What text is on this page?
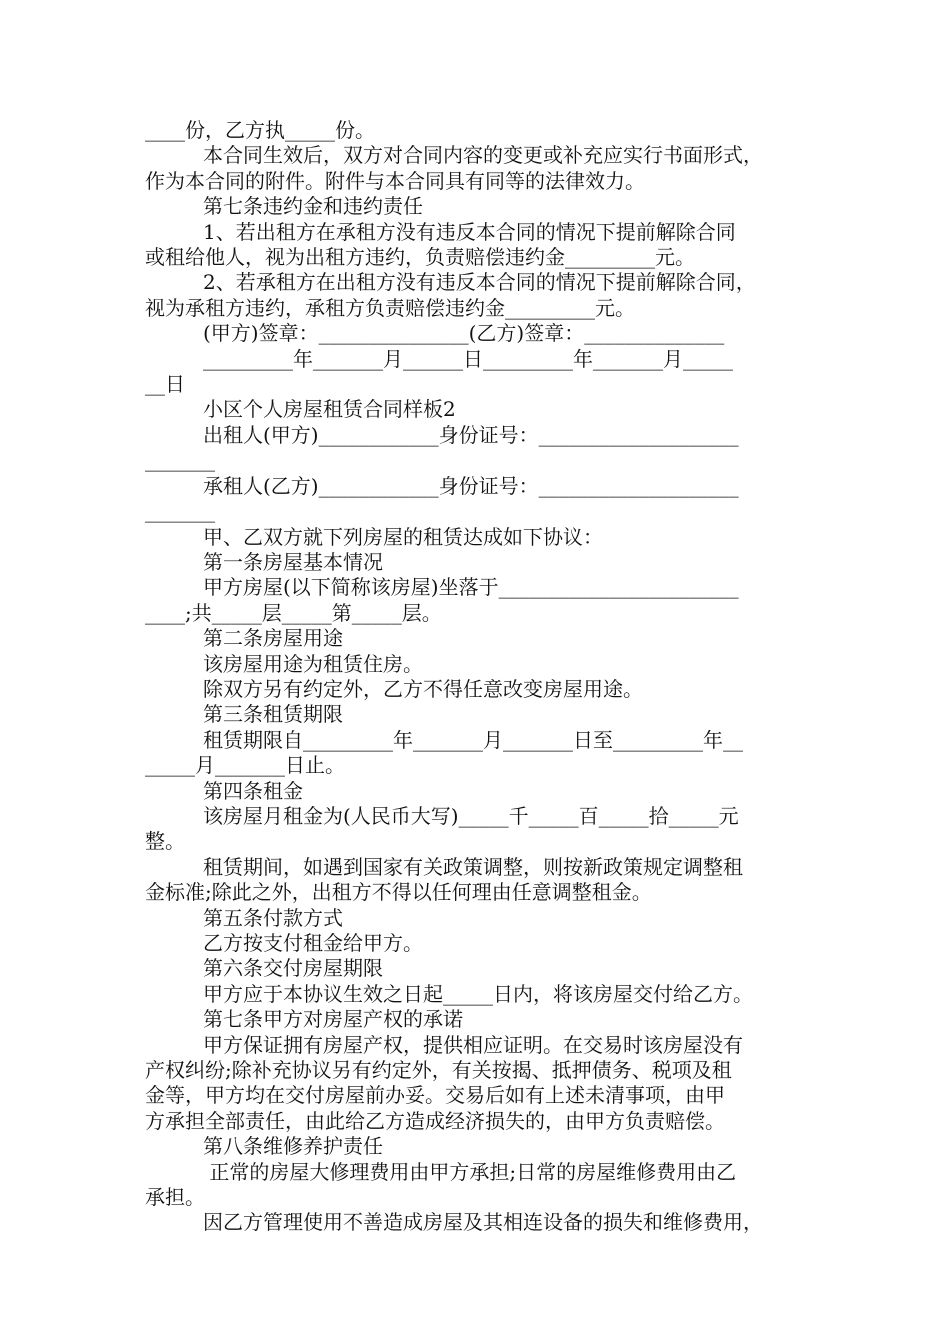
____份，乙方执_____份。

本合同生效后，双方对合同内容的变更或补充应实行书面形式，

作为本合同的附件。附件与本合同具有同等的法律效力。

第七条违约金和违约责任

1、若出租方在承租方没有违反本合同的情况下提前解除合同

或租给他人，视为出租方违约，负责赔偿违约金_________元。

2、若承租方在出租方没有违反本合同的情况下提前解除合同，

视为承租方违约，承租方负责赔偿违约金_________元。

(甲方)签章：_______________(乙方)签章：______________

_________年_______月______日_________年_______月_____

__日

小区个人房屋租赁合同样板2

出租人(甲方)____________身份证号：____________________

_______

承租人(乙方)____________身份证号：____________________

_______

甲、乙双方就下列房屋的租赁达成如下协议：

第一条房屋基本情况

甲方房屋(以下简称该房屋)坐落于________________________

____;共_____层_____第_____层。

第二条房屋用途

该房屋用途为租赁住房。

除双方另有约定外，乙方不得任意改变房屋用途。

第三条租赁期限

租赁期限自_________年_______月_______日至_________年__

_____月_______日止。

第四条租金

该房屋月租金为(人民币大写)_____千_____百_____拾_____元

整。

租赁期间，如遇到国家有关政策调整，则按新政策规定调整租

金标准;除此之外，出租方不得以任何理由任意调整租金。

第五条付款方式

乙方按支付租金给甲方。

第六条交付房屋期限

甲方应于本协议生效之日起_____日内，将该房屋交付给乙方。

第七条甲方对房屋产权的承诺

甲方保证拥有房屋产权，提供相应证明。在交易时该房屋没有

产权纠纷;除补充协议另有约定外，有关按揭、抵押债务、税项及租

金等，甲方均在交付房屋前办妥。交易后如有上述未清事项，由甲

方承担全部责任，由此给乙方造成经济损失的，由甲方负责赔偿。

第八条维修养护责任

正常的房屋大修理费用由甲方承担;日常的房屋维修费用由乙

承担。

因乙方管理使用不善造成房屋及其相连设备的损失和维修费用，
